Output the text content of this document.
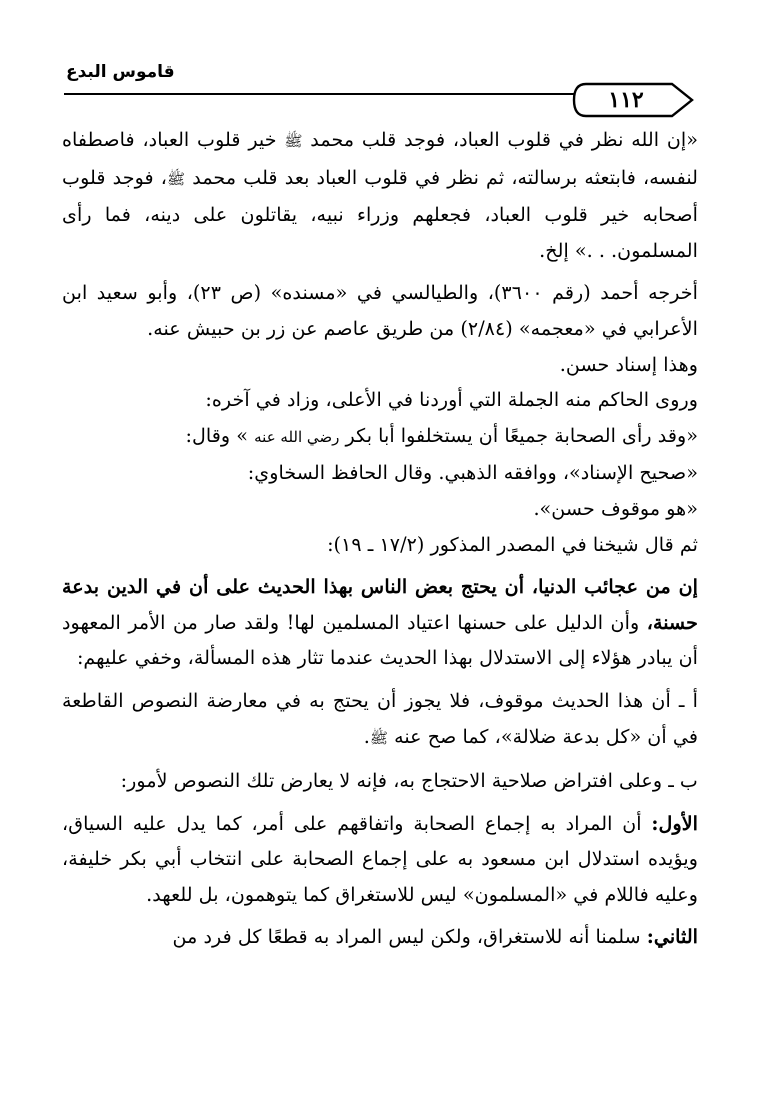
قاموس البدع
١١٢

«إن الله نظر في قلوب العباد، فوجد قلب محمد ﷺ خير قلوب العباد، فاصطفاه لنفسه، فابتعثه برسالته، ثم نظر في قلوب العباد بعد قلب محمد ﷺ، فوجد قلوب أصحابه خير قلوب العباد، فجعلهم وزراء نبيه، يقاتلون على دينه، فما رأى المسلمون. . .» إلخ.

أخرجه أحمد (رقم ٣٦٠٠)، والطيالسي في «مسنده» (ص ٢٣)، وأبو سعيد ابن الأعرابي في «معجمه» (٢/٨٤) من طريق عاصم عن زر بن حبيش عنه.

وهذا إسناد حسن.

وروى الحاكم منه الجملة التي أوردنا في الأعلى، وزاد في آخره:

«وقد رأى الصحابة جميعًا أن يستخلفوا أبا بكر رضي الله عنه » وقال:

«صحيح الإسناد»، ووافقه الذهبي. وقال الحافظ السخاوي:

«هو موقوف حسن».

ثم قال شيخنا في المصدر المذكور (١٧/٢ ـ ١٩):

إن من عجائب الدنيا، أن يحتج بعض الناس بهذا الحديث على أن في الدين بدعة حسنة، وأن الدليل على حسنها اعتياد المسلمين لها! ولقد صار من الأمر المعهود أن يبادر هؤلاء إلى الاستدلال بهذا الحديث عندما تثار هذه المسألة، وخفي عليهم:

أ ـ أن هذا الحديث موقوف، فلا يجوز أن يحتج به في معارضة النصوص القاطعة في أن «كل بدعة ضلالة»، كما صح عنه ﷺ.

ب ـ وعلى افتراض صلاحية الاحتجاج به، فإنه لا يعارض تلك النصوص لأمور:

الأول: أن المراد به إجماع الصحابة واتفاقهم على أمر، كما يدل عليه السياق، ويؤيده استدلال ابن مسعود به على إجماع الصحابة على انتخاب أبي بكر خليفة، وعليه فاللام في «المسلمون» ليس للاستغراق كما يتوهمون، بل للعهد.

الثاني: سلمنا أنه للاستغراق، ولكن ليس المراد به قطعًا كل فرد من
